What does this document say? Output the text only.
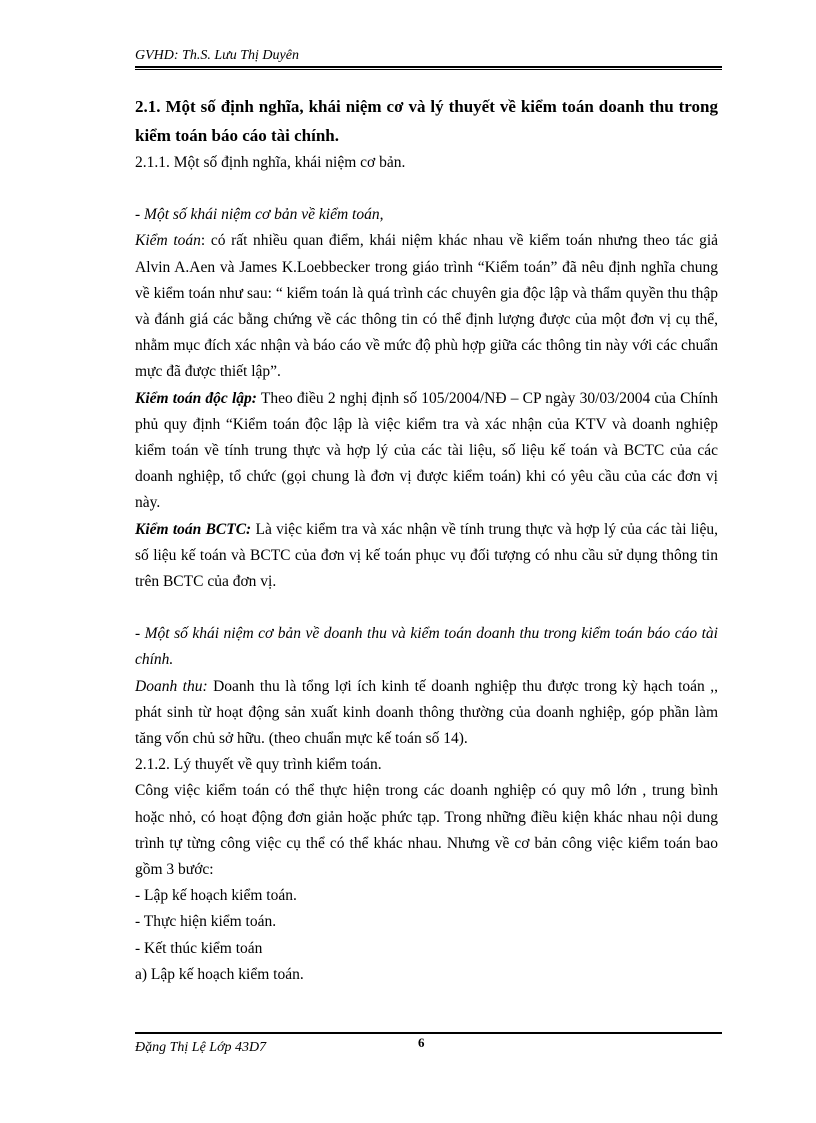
GVHD: Th.S. Lưu Thị Duyên

2.1. Một số định nghĩa, khái niệm cơ và lý thuyết về kiểm toán doanh thu trong kiểm toán báo cáo tài chính.

2.1.1. Một số định nghĩa, khái niệm cơ bản.

- Một số khái niệm cơ bản về kiểm toán,

Kiểm toán: có rất nhiều quan điểm, khái niệm khác nhau về kiểm toán nhưng theo tác giả Alvin A.Aen và James K.Loebbecker trong giáo trình “Kiểm toán” đã nêu định nghĩa chung về kiểm toán như sau: “ kiểm toán là quá trình các chuyên gia độc lập và thẩm quyền thu thập và đánh giá các bằng chứng về các thông tin có thể định lượng được của một đơn vị cụ thể, nhằm mục đích xác nhận và báo cáo về mức độ phù hợp giữa các thông tin này với các chuẩn mực đã được thiết lập”.

Kiểm toán độc lập: Theo điều 2 nghị định số 105/2004/NĐ – CP ngày 30/03/2004 của Chính phủ quy định “Kiểm toán độc lập là việc kiểm tra và xác nhận của KTV và doanh nghiệp kiểm toán về tính trung thực và hợp lý của các tài liệu, số liệu kế toán và BCTC của các doanh nghiệp, tổ chức (gọi chung là đơn vị được kiểm toán) khi có yêu cầu của các đơn vị này.

Kiểm toán BCTC: Là việc kiểm tra và xác nhận về tính trung thực và hợp lý của các tài liệu, số liệu kế toán và BCTC của đơn vị kế toán phục vụ đối tượng có nhu cầu sử dụng thông tin trên BCTC của đơn vị.

- Một số khái niệm cơ bản về doanh thu và kiểm toán doanh thu trong kiểm toán báo cáo tài chính.

Doanh thu: Doanh thu là tổng lợi ích kinh tế doanh nghiệp thu được trong kỳ hạch toán ,, phát sinh từ hoạt động sản xuất kinh doanh thông thường của doanh nghiệp, góp phần làm tăng vốn chủ sở hữu. (theo chuẩn mực kế toán số 14).

2.1.2. Lý thuyết về quy trình kiểm toán.

Công việc kiểm toán có thể thực hiện trong các doanh nghiệp có quy mô lớn , trung bình hoặc nhỏ, có hoạt động đơn giản hoặc phức tạp. Trong những điều kiện khác nhau nội dung trình tự từng công việc cụ thể có thể khác nhau. Nhưng về cơ bản công việc kiểm toán bao gồm 3 bước:

- Lập kế hoạch kiểm toán.

- Thực hiện kiểm toán.

- Kết thúc kiểm toán

a) Lập kế hoạch kiểm toán.

Đặng Thị Lệ Lớp 43D7	6
